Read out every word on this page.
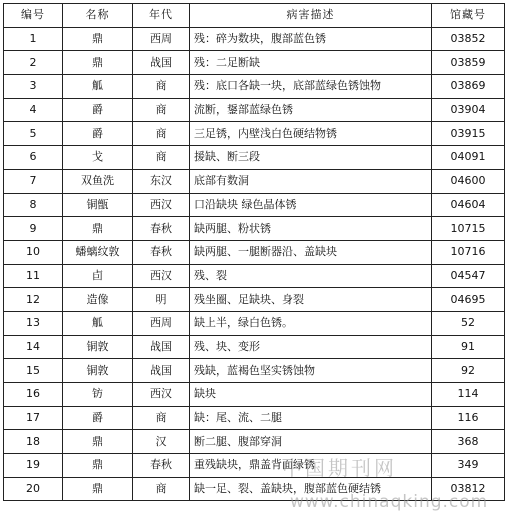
编号	名称	年代	病害描述	馆藏号
1	鼎	西周	残：碎为数块，腹部蓝色锈	03852
2	鼎	战国	残：二足断缺	03859
3	觚	商	残：底口各缺一块，底部蓝绿色锈蚀物	03869
4	爵	商	流断，鋬部蓝绿色锈	03904
5	爵	商	三足锈，内壁浅白色硬结物锈	03915
6	戈	商	援缺、断三段	04091
7	双鱼洗	东汉	底部有数洞	04600
8	铜甑	西汉	口沿缺块 绿色晶体锈	04604
9	鼎	春秋	缺两腿、粉状锈	10715
10	蟠螭纹敦	春秋	缺两腿、一腿断器沿、盖缺块	10716
11	卣	西汉	残、裂	04547
12	造像	明	残坐圈、足缺块、身裂	04695
13	觚	西周	缺上半，绿白色锈。	52
14	铜敦	战国	残、块、变形	91
15	铜敦	战国	残缺，蓝褐色坚实锈蚀物	92
16	钫	西汉	缺块	114
17	爵	商	缺：尾、流、二腿	116
18	鼎	汉	断二腿、腹部穿洞	368
19	鼎	春秋	重残缺块，鼎盖背面绿锈	349
20	鼎	商	缺一足、裂、盖缺块，腹部蓝色硬结锈	03812
中国期刊网
www.chinaqking.com
